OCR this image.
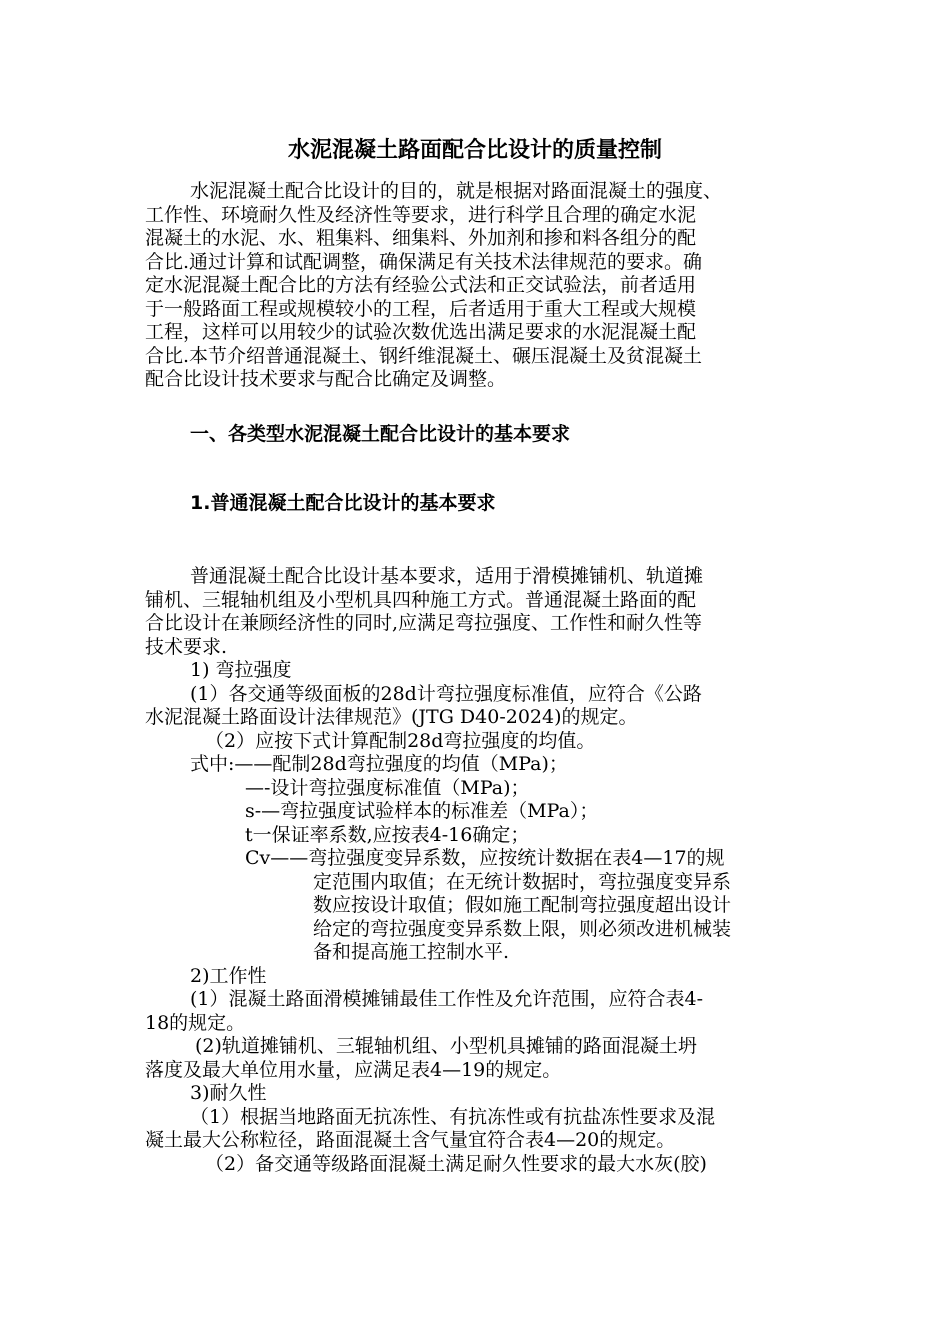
水泥混凝土路面配合比设计的质量控制
水泥混凝土配合比设计的目的，就是根据对路面混凝土的强度、
工作性、环境耐久性及经济性等要求，进行科学且合理的确定水泥
混凝土的水泥、水、粗集料、细集料、外加剂和掺和料各组分的配
合比.通过计算和试配调整，确保满足有关技术法律规范的要求。确
定水泥混凝土配合比的方法有经验公式法和正交试验法，前者适用
于一般路面工程或规模较小的工程，后者适用于重大工程或大规模
工程，这样可以用较少的试验次数优选出满足要求的水泥混凝土配
合比.本节介绍普通混凝土、钢纤维混凝土、碾压混凝土及贫混凝土
配合比设计技术要求与配合比确定及调整。
一、各类型水泥混凝土配合比设计的基本要求
1.普通混凝土配合比设计的基本要求
普通混凝土配合比设计基本要求，适用于滑模摊铺机、轨道摊
铺机、三辊轴机组及小型机具四种施工方式。普通混凝土路面的配
合比设计在兼顾经济性的同时,应满足弯拉强度、工作性和耐久性等
技术要求.
1) 弯拉强度
(1）各交通等级面板的28d计弯拉强度标准值，应符合《公路
水泥混凝土路面设计法律规范》(JTG D40-2024)的规定。
（2）应按下式计算配制28d弯拉强度的均值。
式中:——配制28d弯拉强度的均值（MPa)；
—-设计弯拉强度标准值（MPa)；
s-—弯拉强度试验样本的标准差（MPa）；
t一保证率系数,应按表4-16确定；
Cv——弯拉强度变异系数，应按统计数据在表4—17的规
定范围内取值；在无统计数据时，弯拉强度变异系
数应按设计取值；假如施工配制弯拉强度超出设计
给定的弯拉强度变异系数上限，则必须改进机械装
备和提高施工控制水平.
2)工作性
(1）混凝土路面滑模摊铺最佳工作性及允许范围，应符合表4-
18的规定。
(2)轨道摊铺机、三辊轴机组、小型机具摊铺的路面混凝土坍
落度及最大单位用水量，应满足表4—19的规定。
3)耐久性
（1）根据当地路面无抗冻性、有抗冻性或有抗盐冻性要求及混
凝土最大公称粒径，路面混凝土含气量宜符合表4—20的规定。
（2）备交通等级路面混凝土满足耐久性要求的最大水灰(胶)
